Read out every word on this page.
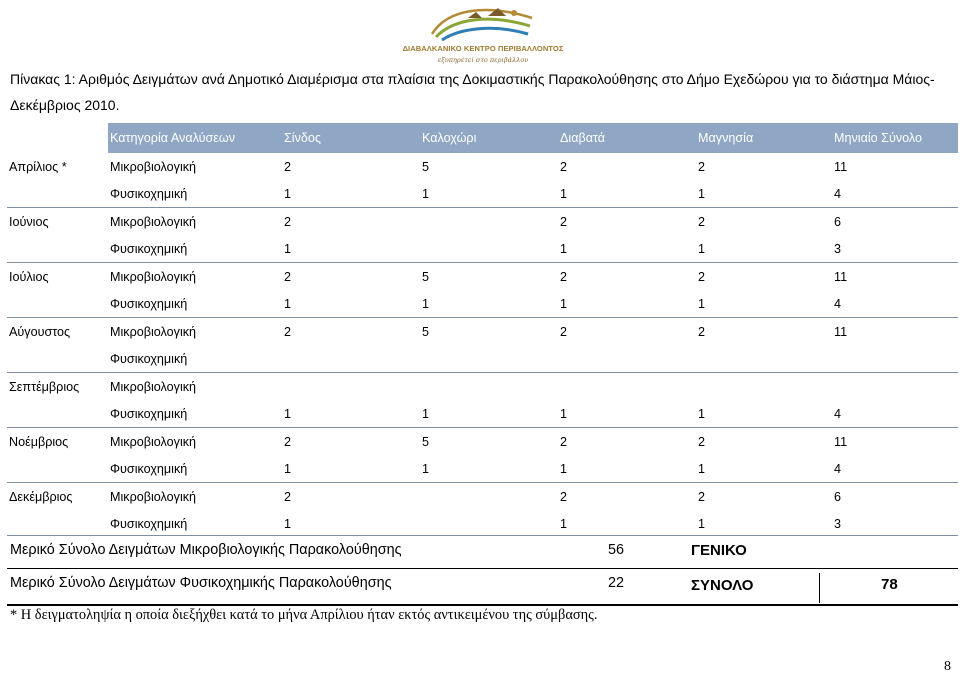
ΔΙΑΒΑΛΚΑΝΙΚΟ ΚΕΝΤΡΟ ΠΕΡΙΒΑΛΛΟΝΤΟΣ
εξυπηρετεί στο περιβάλλον
Πίνακας 1: Αριθμός Δειγμάτων ανά Δημοτικό Διαμέρισμα στα πλαίσια της Δοκιμαστικής Παρακολούθησης στο Δήμο Εχεδώρου για το διάστημα Μάιος-Δεκέμβριος 2010.
	Κατηγορία Αναλύσεων	Σίνδος	Καλοχώρι	Διαβατά	Μαγνησία	Μηνιαίο Σύνολο
Απρίλιος *	Μικροβιολογική	2	5	2	2	11
	Φυσικοχημική	1	1	1	1	4
Ιούνιος	Μικροβιολογική	2		2	2	6
	Φυσικοχημική	1		1	1	3
Ιούλιος	Μικροβιολογική	2	5	2	2	11
	Φυσικοχημική	1	1	1	1	4
Αύγουστος	Μικροβιολογική	2	5	2	2	11
	Φυσικοχημική					
Σεπτέμβριος	Μικροβιολογική					
	Φυσικοχημική	1	1	1	1	4
Νοέμβριος	Μικροβιολογική	2	5	2	2	11
	Φυσικοχημική	1	1	1	1	4
Δεκέμβριος	Μικροβιολογική	2		2	2	6
	Φυσικοχημική	1		1	1	3
Μερικό Σύνολο Δειγμάτων Μικροβιολογικής Παρακολούθησης	56	ΓΕΝΙΚΟ
Μερικό Σύνολο Δειγμάτων Φυσικοχημικής Παρακολούθησης	22	ΣΥΝΟΛΟ	78
* Η δειγματοληψία η οποία διεξήχθει κατά το μήνα Απρίλιου ήταν εκτός αντικειμένου της σύμβασης.
8
